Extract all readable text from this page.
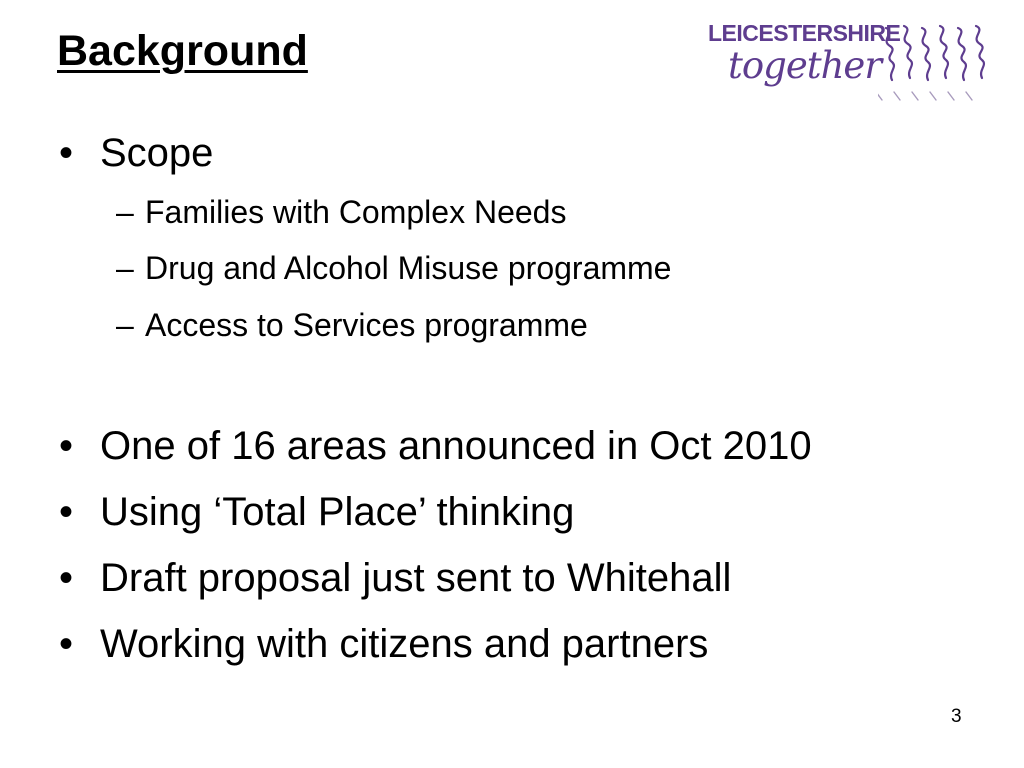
Background	LEICESTERSHIRE
together
• Scope
– Families with Complex Needs
– Drug and Alcohol Misuse programme
– Access to Services programme
• One of 16 areas announced in Oct 2010
• Using ‘Total Place’ thinking
• Draft proposal just sent to Whitehall
• Working with citizens and partners
3
